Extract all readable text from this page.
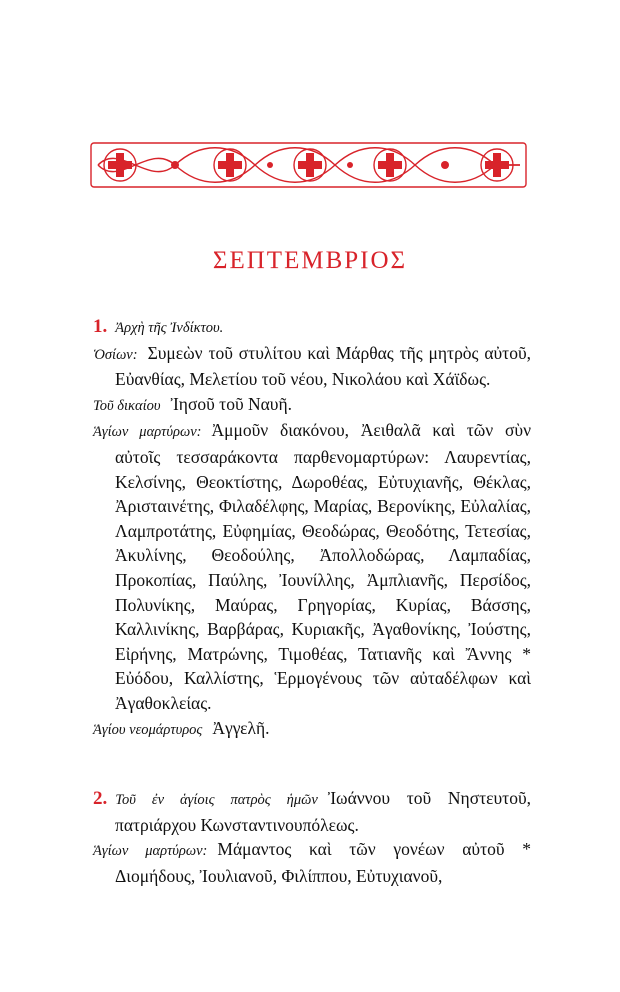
ΣΕΠΤΕΜΒΡΙΟΣ
1. Ἀρχὴ τῆς Ἰνδίκτου.
Ὁσίων: Συμεὼν τοῦ στυλίτου καὶ Μάρθας τῆς μητρὸς αὐτοῦ, Εὐανθίας, Μελετίου τοῦ νέου, Νικολάου καὶ Χάϊδως.
Τοῦ δικαίου Ἰησοῦ τοῦ Ναυῆ.
Ἁγίων μαρτύρων: Ἀμμοῦν διακόνου, Ἀειθαλᾶ καὶ τῶν σὺν αὐτοῖς τεσσαράκοντα παρθενομαρτύρων: Λαυρεντίας, Κελσίνης, Θεοκτίστης, Δωροθέας, Εὐτυχιανῆς, Θέκλας, Ἀρισταινέτης, Φιλαδέλφης, Μαρίας, Βερονίκης, Εὐλαλίας, Λαμπροτάτης, Εὐφημίας, Θεοδώρας, Θεοδότης, Τετεσίας, Ἀκυλίνης, Θεοδούλης, Ἀπολλοδώρας, Λαμπαδίας, Προκοπίας, Παύλης, Ἰουνίλλης, Ἀμπλιανῆς, Περσίδος, Πολυνίκης, Μαύρας, Γρηγορίας, Κυρίας, Βάσσης, Καλλινίκης, Βαρβάρας, Κυριακῆς, Ἀγαθονίκης, Ἰούστης, Εἰρήνης, Ματρώνης, Τιμοθέας, Τατιανῆς καὶ Ἄννης * Εὐόδου, Καλλίστης, Ἑρμογένους τῶν αὐταδέλφων καὶ Ἀγαθοκλείας.
Ἁγίου νεομάρτυρος Ἀγγελῆ.
2. Τοῦ ἐν ἁγίοις πατρὸς ἡμῶν Ἰωάννου τοῦ Νηστευτοῦ, πατριάρχου Κωνσταντινουπόλεως.
Ἁγίων μαρτύρων: Μάμαντος καὶ τῶν γονέων αὐτοῦ * Διομήδους, Ἰουλιανοῦ, Φιλίππου, Εὐτυχιανοῦ,
